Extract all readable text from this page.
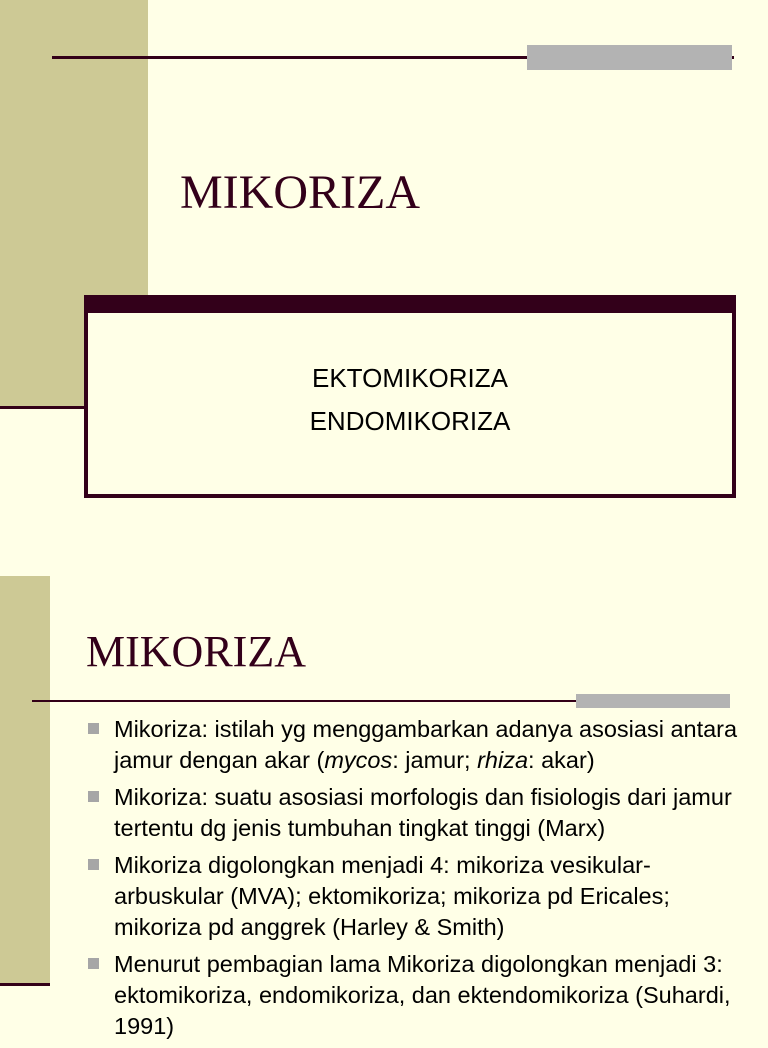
MIKORIZA
EKTOMIKORIZA
ENDOMIKORIZA
MIKORIZA
Mikoriza: istilah yg menggambarkan adanya asosiasi antara jamur dengan akar (mycos: jamur; rhiza: akar)
Mikoriza: suatu asosiasi morfologis dan fisiologis dari jamur tertentu dg jenis tumbuhan tingkat tinggi (Marx)
Mikoriza digolongkan menjadi 4: mikoriza vesikular-arbuskular (MVA); ektomikoriza; mikoriza pd Ericales; mikoriza pd anggrek (Harley & Smith)
Menurut pembagian lama Mikoriza digolongkan menjadi 3: ektomikoriza, endomikoriza, dan ektendomikoriza (Suhardi, 1991)
